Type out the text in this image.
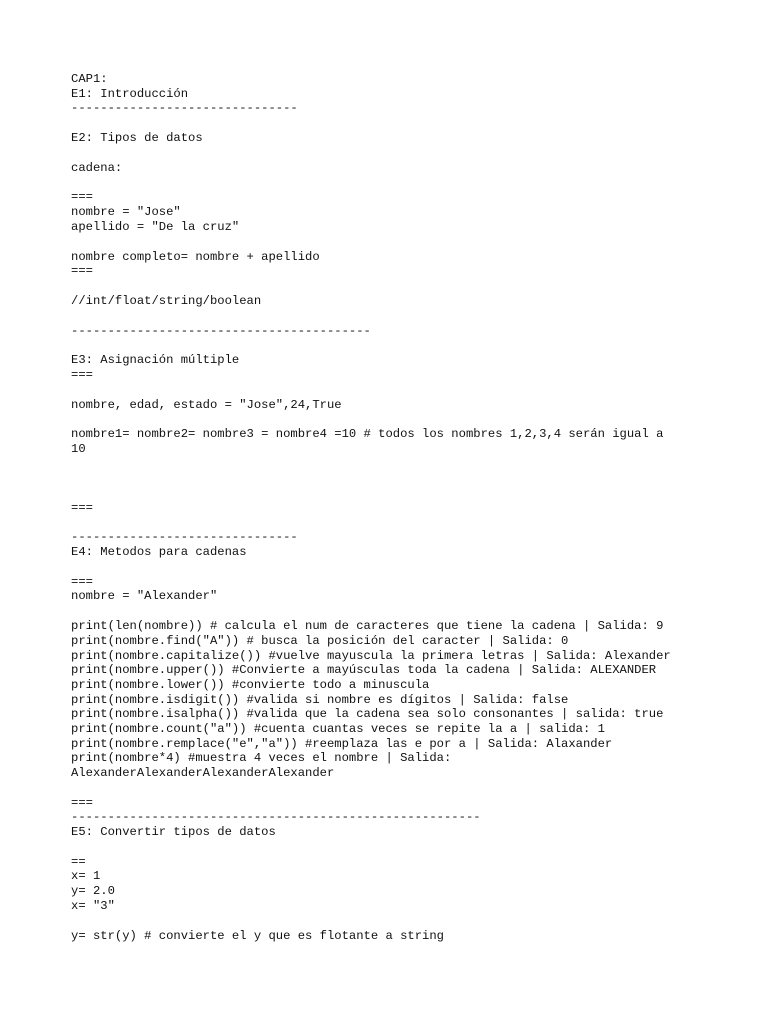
CAP1:
E1: Introducción
-------------------------------
E2: Tipos de datos
cadena:
===
nombre = "Jose"
apellido = "De la cruz"
nombre completo= nombre + apellido
===
//int/float/string/boolean
-----------------------------------------
E3: Asignación múltiple
===
nombre, edad, estado = "Jose",24,True
nombre1= nombre2= nombre3 = nombre4 =10 # todos los nombres 1,2,3,4 serán igual a
10
===
-------------------------------
E4: Metodos para cadenas
===
nombre = "Alexander"
print(len(nombre)) # calcula el num de caracteres que tiene la cadena | Salida: 9
print(nombre.find("A")) # busca la posición del caracter | Salida: 0
print(nombre.capitalize()) #vuelve mayuscula la primera letras | Salida: Alexander
print(nombre.upper()) #Convierte a mayúsculas toda la cadena | Salida: ALEXANDER
print(nombre.lower()) #convierte todo a minuscula
print(nombre.isdigit()) #valida si nombre es dígitos | Salida: false
print(nombre.isalpha()) #valida que la cadena sea solo consonantes | salida: true
print(nombre.count("a")) #cuenta cuantas veces se repite la a | salida: 1
print(nombre.remplace("e","a")) #reemplaza las e por a | Salida: Alaxander
print(nombre*4) #muestra 4 veces el nombre | Salida:
AlexanderAlexanderAlexanderAlexander
===
--------------------------------------------------------
E5: Convertir tipos de datos
==
x= 1
y= 2.0
x= "3"
y= str(y) # convierte el y que es flotante a string
